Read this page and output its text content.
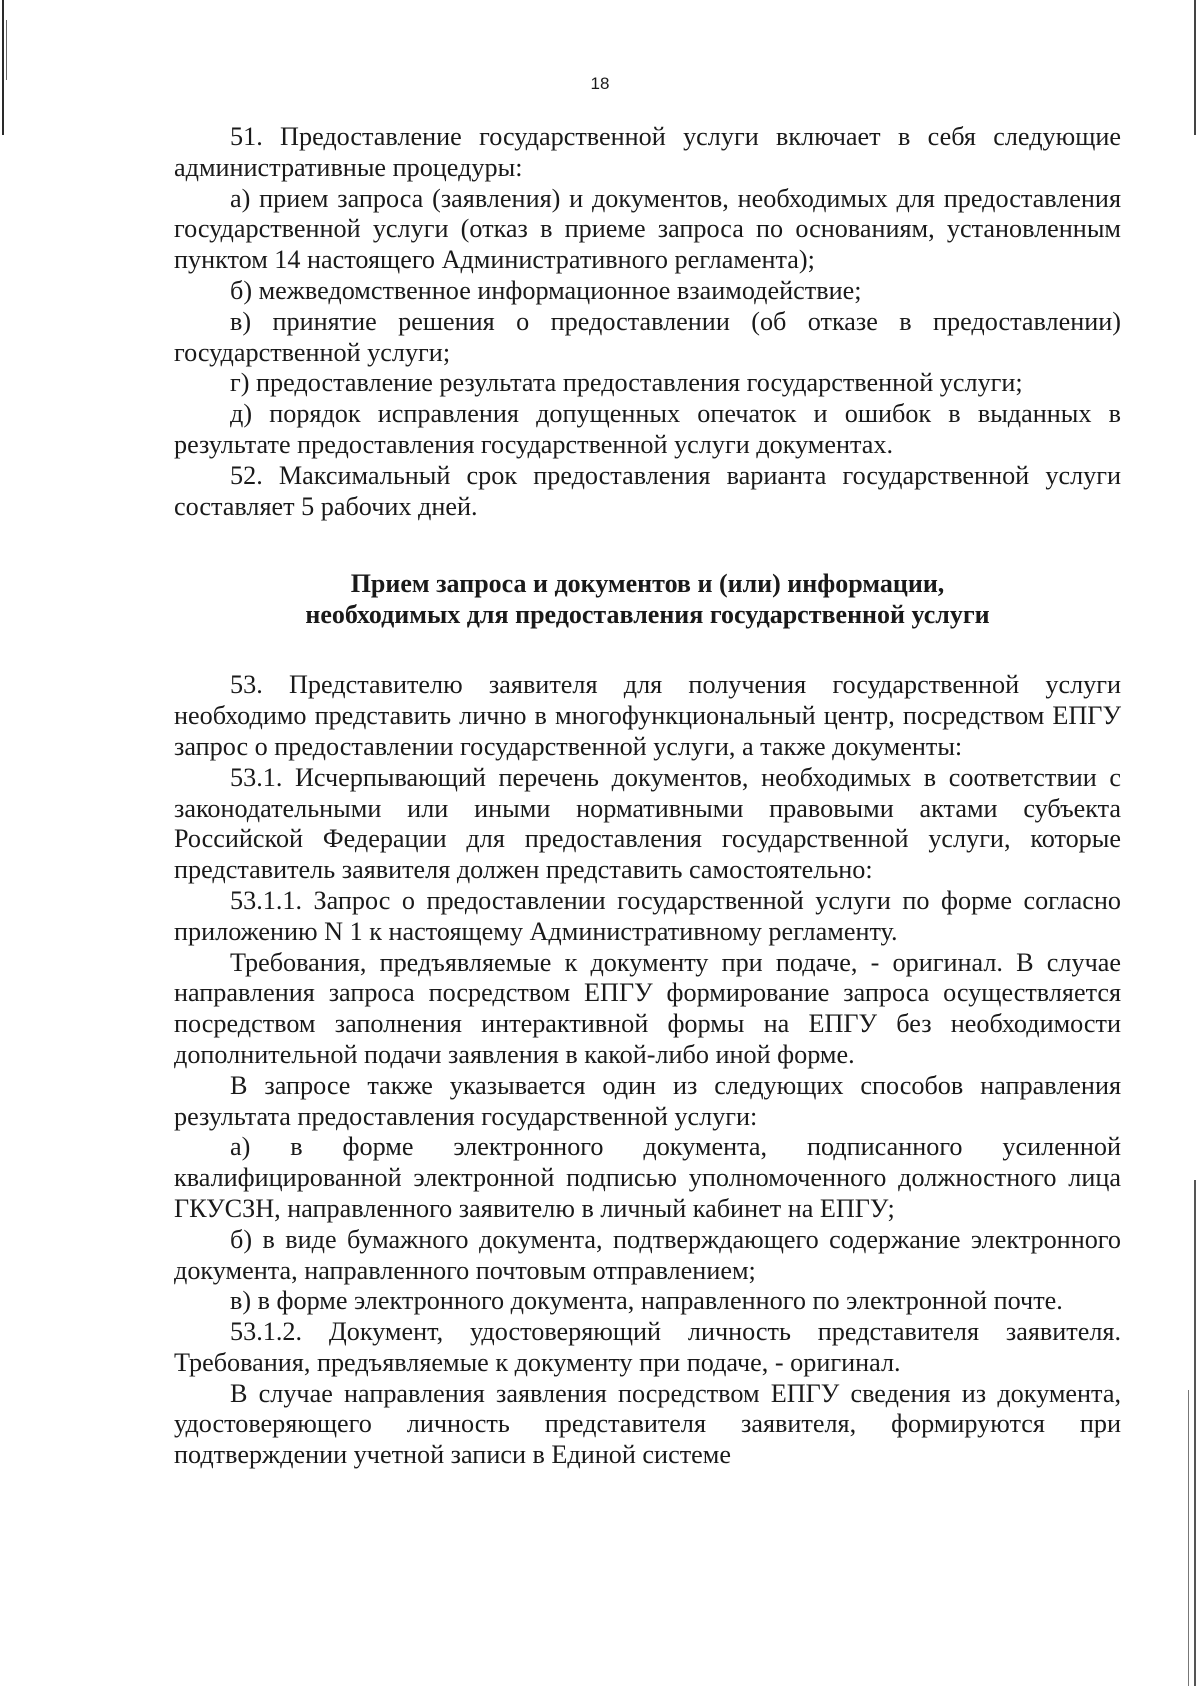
18

51. Предоставление государственной услуги включает в себя следующие административные процедуры:

а) прием запроса (заявления) и документов, необходимых для предоставления государственной услуги (отказ в приеме запроса по основаниям, установленным пунктом 14 настоящего Административного регламента);

б) межведомственное информационное взаимодействие;

в) принятие решения о предоставлении (об отказе в предоставлении) государственной услуги;

г) предоставление результата предоставления государственной услуги;

д) порядок исправления допущенных опечаток и ошибок в выданных в результате предоставления государственной услуги документах.

52. Максимальный срок предоставления варианта государственной услуги составляет 5 рабочих дней.

Прием запроса и документов и (или) информации,
необходимых для предоставления государственной услуги

53. Представителю заявителя для получения государственной услуги необходимо представить лично в многофункциональный центр, посредством ЕПГУ запрос о предоставлении государственной услуги, а также документы:

53.1. Исчерпывающий перечень документов, необходимых в соответствии с законодательными или иными нормативными правовыми актами субъекта Российской Федерации для предоставления государственной услуги, которые представитель заявителя должен представить самостоятельно:

53.1.1. Запрос о предоставлении государственной услуги по форме согласно приложению N 1 к настоящему Административному регламенту.

Требования, предъявляемые к документу при подаче, - оригинал. В случае направления запроса посредством ЕПГУ формирование запроса осуществляется посредством заполнения интерактивной формы на ЕПГУ без необходимости дополнительной подачи заявления в какой-либо иной форме.

В запросе также указывается один из следующих способов направления результата предоставления государственной услуги:

а) в форме электронного документа, подписанного усиленной квалифицированной электронной подписью уполномоченного должностного лица ГКУСЗН, направленного заявителю в личный кабинет на ЕПГУ;

б) в виде бумажного документа, подтверждающего содержание электронного документа, направленного почтовым отправлением;

в) в форме электронного документа, направленного по электронной почте.

53.1.2. Документ, удостоверяющий личность представителя заявителя. Требования, предъявляемые к документу при подаче, - оригинал.

В случае направления заявления посредством ЕПГУ сведения из документа, удостоверяющего личность представителя заявителя, формируются при подтверждении учетной записи в Единой системе
